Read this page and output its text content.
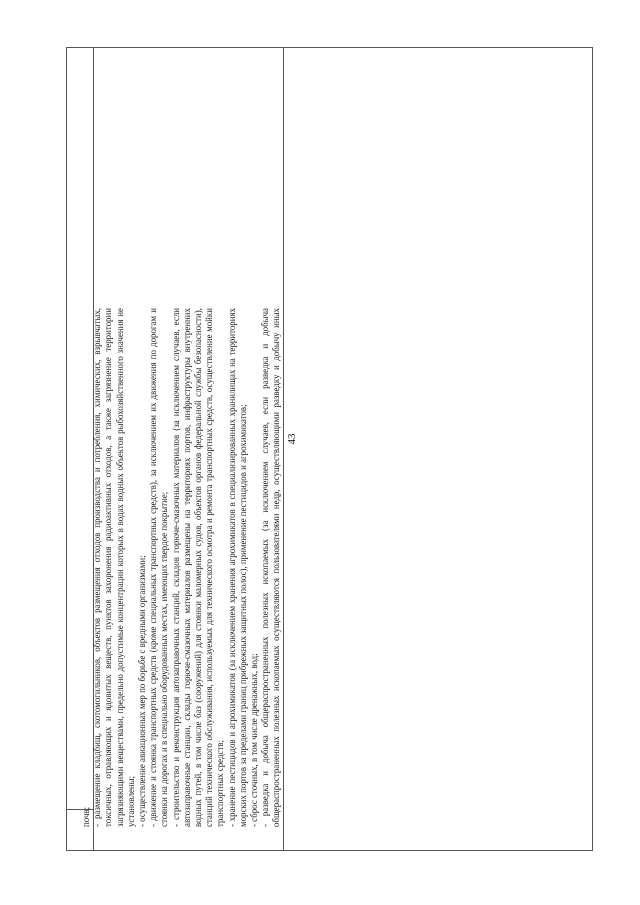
43

почв; - размещение кладбищ, скотомогильников, объектов размещения отходов производства и потребления, химических, взрывчатых, токсичных, отравляющих и ядовитых веществ, пунктов захоронения радиоактивных отходов, а также загрязнение территории загрязняющими веществами, предельно допустимые концентрации которых в водах водных объектов рыбохозяйственного значения не установлены; - осуществление авиационных мер по борьбе с вредными организмами; - движение и стоянка транспортных средств (кроме специальных транспортных средств), за исключением их движения по дорогам и стоянки на дорогах и в специально оборудованных местах, имеющих твердое покрытие; - строительство и реконструкция автозаправочных станций, складов горюче-смазочных материалов (за исключением случаев, если автозаправочные станции, склады горюче-смазочных материалов размещены на территориях портов, инфраструктуры внутренних водных путей, в том числе баз (сооружений) для стоянки маломерных судов, объектов органов федеральной службы безопасности), станций технического обслуживания, используемых для технического осмотра и ремонта транспортных средств, осуществление мойки транспортных средств; - хранение пестицидов и агрохимикатов (за исключением хранения агрохимикатов в специализированных хранилищах на территориях морских портов за пределами границ прибрежных защитных полос), применение пестицидов и агрохимикатов; - сброс сточных, в том числе дренажных, вод; - разведка и добыча общераспространенных полезных ископаемых (за исключением случаев, если разведка и добыча общераспространенных полезных ископаемых осуществляются пользователями недр, осуществляющими разведку и добычу иных
